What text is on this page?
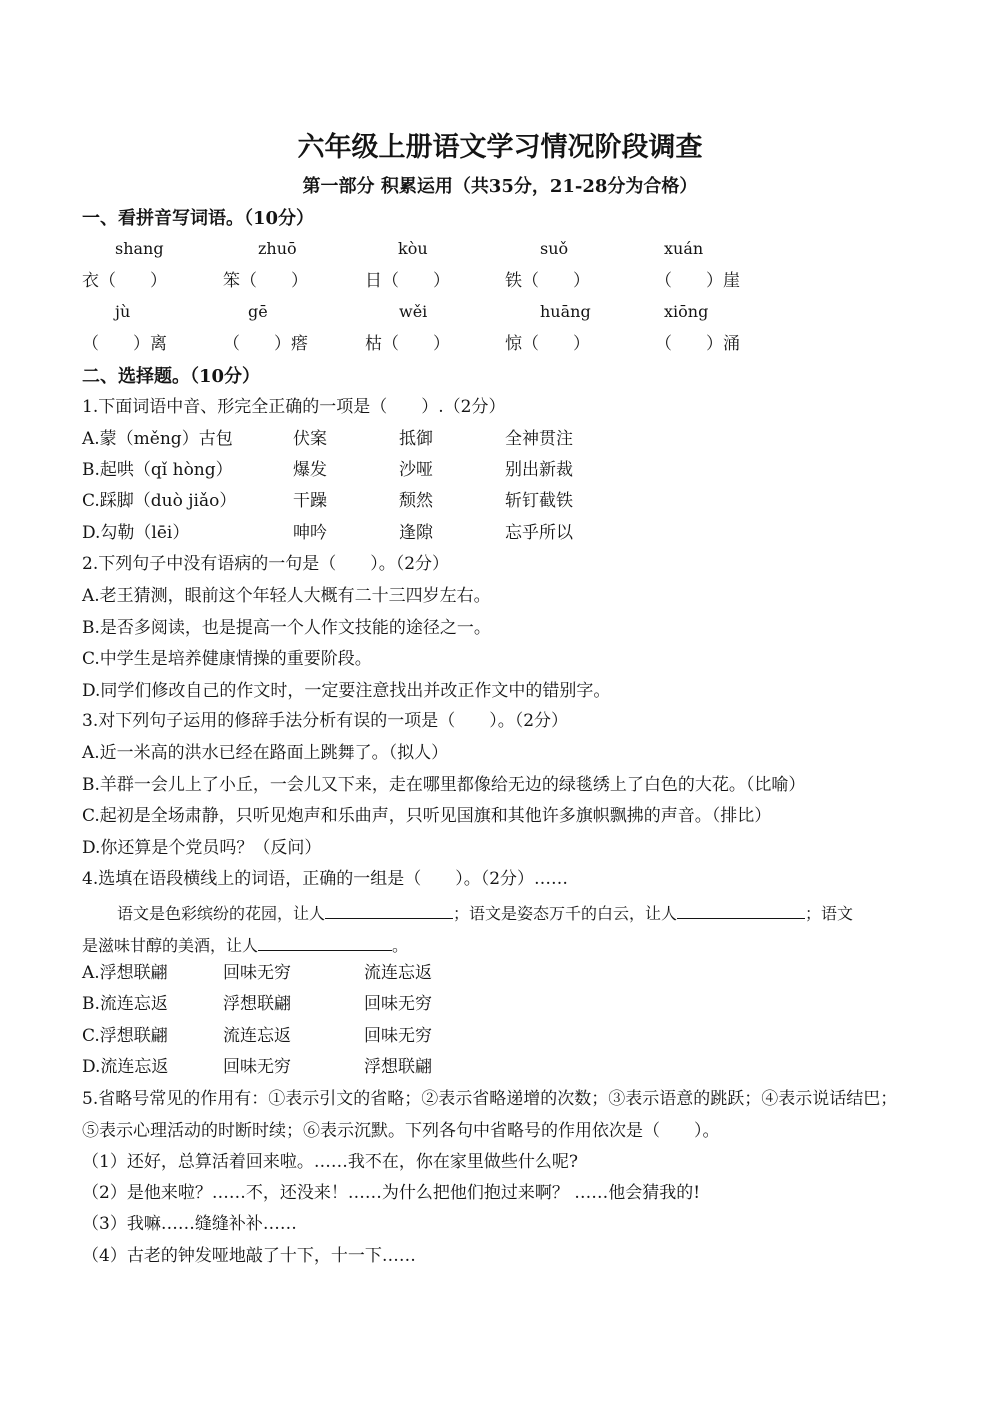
六年级上册语文学习情况阶段调查
第一部分 积累运用（共35分，21-28分为合格）
一、看拼音写词语。（10分）
shang	zhuō	kòu	suǒ	xuán
衣（　　）	笨（　　）	日（　　）	铁（　　）	（　　）崖
jù	gē	wěi	huāng	xiōng
（　　）离	（　　）瘩	枯（　　）	惊（　　）	（　　）涌
二、选择题。（10分）
1.下面词语中音、形完全正确的一项是（　　）.（2分）
A.蒙（měng）古包	伏案	抵御	全神贯注
B.起哄（qǐ hòng）	爆发	沙哑	别出新裁
C.踩脚（duò jiǎo）	干躁	颓然	斩钉截铁
D.勾勒（lēi）	呻吟	逢隙	忘乎所以
2.下列句子中没有语病的一句是（　　）。（2分）
A.老王猜测，眼前这个年轻人大概有二十三四岁左右。
B.是否多阅读，也是提高一个人作文技能的途径之一。
C.中学生是培养健康情操的重要阶段。
D.同学们修改自己的作文时，一定要注意找出并改正作文中的错别字。
3.对下列句子运用的修辞手法分析有误的一项是（　　）。（2分）
A.近一米高的洪水已经在路面上跳舞了。（拟人）
B.羊群一会儿上了小丘，一会儿又下来，走在哪里都像给无边的绿毯绣上了白色的大花。（比喻）
C.起初是全场肃静，只听见炮声和乐曲声，只听见国旗和其他许多旗帜飘拂的声音。（排比）
D.你还算是个党员吗？（反问）
4.选填在语段横线上的词语，正确的一组是（　　）。（2分）……
语文是色彩缤纷的花园，让人	；语文是姿态万千的白云，让人	；语文
是滋味甘醇的美酒，让人	。
A.浮想联翩	回味无穷	流连忘返
B.流连忘返	浮想联翩	回味无穷
C.浮想联翩	流连忘返	回味无穷
D.流连忘返	回味无穷	浮想联翩
5.省略号常见的作用有：①表示引文的省略；②表示省略递增的次数；③表示语意的跳跃；④表示说话结巴；
⑤表示心理活动的时断时续；⑥表示沉默。下列各句中省略号的作用依次是（　　）。
（1）还好，总算活着回来啦。……我不在，你在家里做些什么呢?
（2）是他来啦？……不，还没来！……为什么把他们抱过来啊？ ……他会猜我的!
（3）我嘛……缝缝补补……
（4）古老的钟发哑地敲了十下，十一下……
